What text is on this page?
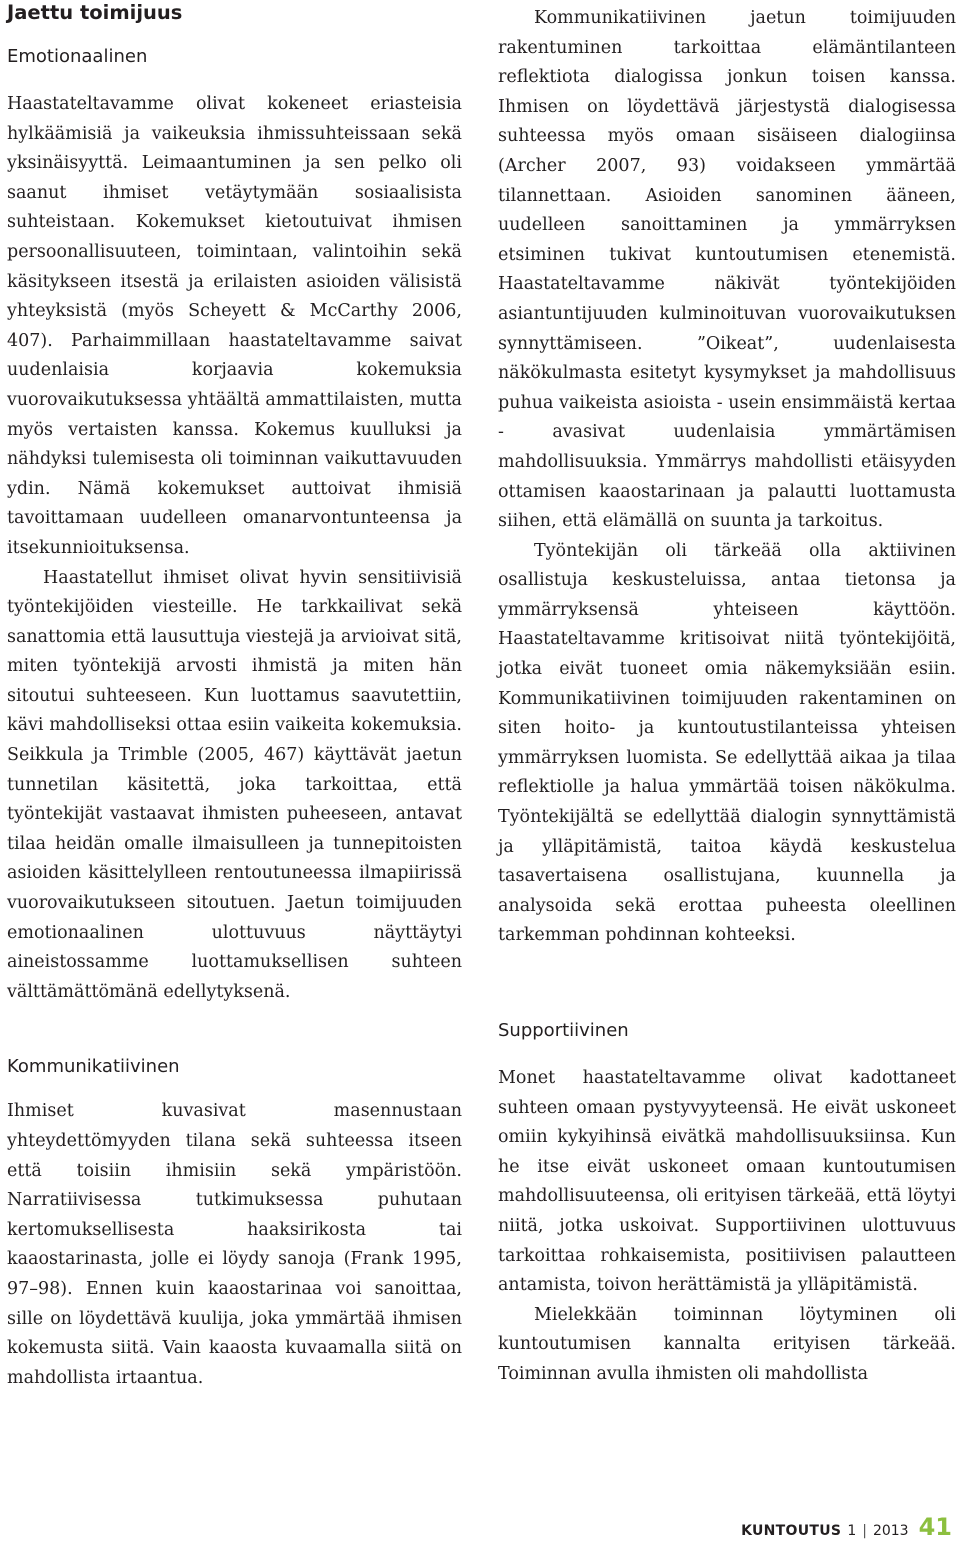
Jaettu toimijuus
Emotionaalinen

Haastateltavamme olivat kokeneet eriasteisia hylkäämisiä ja vaikeuksia ihmissuhteissaan sekä yksinäisyyttä. Leimaantuminen ja sen pelko oli saanut ihmiset vetäytymään sosiaalisista suhteistaan. Kokemukset kietoutuivat ihmisen persoonallisuuteen, toimintaan, valintoihin sekä käsitykseen itsestä ja erilaisten asioiden välisistä yhteyksistä (myös Scheyett & McCarthy 2006, 407). Parhaimmillaan haastateltavamme saivat uudenlaisia korjaavia kokemuksia vuorovaikutuksessa yhtäältä ammattilaisten, mutta myös vertaisten kanssa. Kokemus kuulluksi ja nähdyksi tulemisesta oli toiminnan vaikuttavuuden ydin. Nämä kokemukset auttoivat ihmisiä tavoittamaan uudelleen omanarvontunteensa ja itsekunnioituksensa.

Haastatellut ihmiset olivat hyvin sensitiivisiä työntekijöiden viesteille. He tarkkailivat sekä sanattomia että lausuttuja viestejä ja arvioivat sitä, miten työntekijä arvosti ihmistä ja miten hän sitoutui suhteeseen. Kun luottamus saavutettiin, kävi mahdolliseksi ottaa esiin vaikeita kokemuksia. Seikkula ja Trimble (2005, 467) käyttävät jaetun tunnetilan käsitettä, joka tarkoittaa, että työntekijät vastaavat ihmisten puheeseen, antavat tilaa heidän omalle ilmaisulleen ja tunnepitoisten asioiden käsittelylleen rentoutuneessa ilmapiirissä vuorovaikutukseen sitoutuen. Jaetun toimijuuden emotionaalinen ulottuvuus näyttäytyi aineistossamme luottamuksellisen suhteen välttämättömänä edellytyksenä.

Kommunikatiivinen

Ihmiset kuvasivat masennustaan yhteydettömyyden tilana sekä suhteessa itseen että toisiin ihmisiin sekä ympäristöön. Narratiivisessa tutkimuksessa puhutaan kertomuksellisesta haaksirikosta tai kaaostarinasta, jolle ei löydy sanoja (Frank 1995, 97–98). Ennen kuin kaaostarinaa voi sanoittaa, sille on löydettävä kuulija, joka ymmärtää ihmisen kokemusta siitä. Vain kaaosta kuvaamalla siitä on mahdollista irtaantua.

Kommunikatiivinen jaetun toimijuuden rakentuminen tarkoittaa elämäntilanteen reflektiota dialogissa jonkun toisen kanssa. Ihmisen on löydettävä järjestystä dialogisessa suhteessa myös omaan sisäiseen dialogiinsa (Archer 2007, 93) voidakseen ymmärtää tilannettaan. Asioiden sanominen ääneen, uudelleen sanoittaminen ja ymmärryksen etsiminen tukivat kuntoutumisen etenemistä. Haastateltavamme näkivät työntekijöiden asiantuntijuuden kulminoituvan vuorovaikutuksen synnyttämiseen. ”Oikeat”, uudenlaisesta näkökulmasta esitetyt kysymykset ja mahdollisuus puhua vaikeista asioista - usein ensimmäistä kertaa - avasivat uudenlaisia ymmärtämisen mahdollisuuksia. Ymmärrys mahdollisti etäisyyden ottamisen kaaostarinaan ja palautti luottamusta siihen, että elämällä on suunta ja tarkoitus.

Työntekijän oli tärkeää olla aktiivinen osallistuja keskusteluissa, antaa tietonsa ja ymmärryksensä yhteiseen käyttöön. Haastateltavamme kritisoivat niitä työntekijöitä, jotka eivät tuoneet omia näkemyksiään esiin. Kommunikatiivinen toimijuuden rakentaminen on siten hoito- ja kuntoutustilanteissa yhteisen ymmärryksen luomista. Se edellyttää aikaa ja tilaa reflektiolle ja halua ymmärtää toisen näkökulma. Työntekijältä se edellyttää dialogin synnyttämistä ja ylläpitämistä, taitoa käydä keskustelua tasavertaisena osallistujana, kuunnella ja analysoida sekä erottaa puheesta oleellinen tarkemman pohdinnan kohteeksi.

Supportiivinen

Monet haastateltavamme olivat kadottaneet suhteen omaan pystyvyyteensä. He eivät uskoneet omiin kykyihinsä eivätkä mahdollisuuksiinsa. Kun he itse eivät uskoneet omaan kuntoutumisen mahdollisuuteensa, oli erityisen tärkeää, että löytyi niitä, jotka uskoivat. Supportiivinen ulottuvuus tarkoittaa rohkaisemista, positiivisen palautteen antamista, toivon herättämistä ja ylläpitämistä.

Mielekkään toiminnan löytyminen oli kuntoutumisen kannalta erityisen tärkeää. Toiminnan avulla ihmisten oli mahdollista

KUNTOUTUS 1 | 2013 41
